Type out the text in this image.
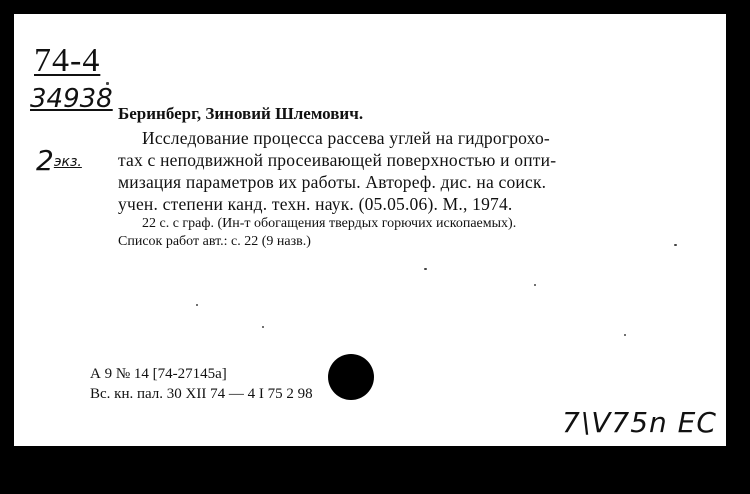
74-4
34938
2экз.
Беринберг, Зиновий Шлемович.
Исследование процесса рассева углей на гидрогрохо-
тах с неподвижной просеивающей поверхностью и опти-
мизация параметров их работы. Автореф. дис. на соиск.
учен. степени канд. техн. наук. (05.05.06). М., 1974.
22 с. с граф. (Ин-т обогащения твердых горючих ископаемых).
Список работ авт.: с. 22 (9 назв.)
А 9 № 14 [74-27145а]
Вс. кн. пал. 30 XII 74 — 4 I 75 2 98
7\V75n ЕС
